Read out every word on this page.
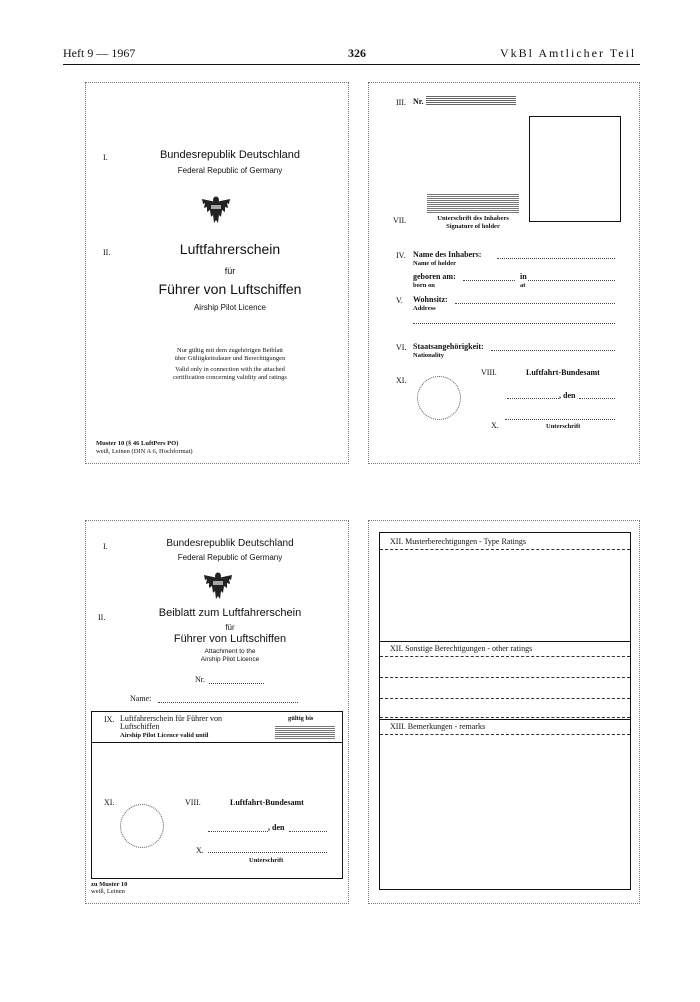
Heft 9 — 1967	326	VkBl Amtlicher Teil
I.	Bundesrepublik Deutschland
Federal Republic of Germany
II.	Luftfahrerschein
für
Führer von Luftschiffen
Airship Pilot Licence
Nur gültig mit dem zugehörigen Beiblatt
über Gültigkeitsdauer und Berechtigungen
Valid only in connection with the attached
certification concerning validity and ratings
Muster 10 (§ 46 LuftPers PO)
weiß, Leinen (DIN A 6, Hochformat)
III. Nr.
VII.	Unterschrift des Inhabers
Signature of holder
IV. Name des Inhabers:
Name of holder
geboren am:	in
born on	at
V. Wohnsitz:
Address
VI. Staatsangehörigkeit:
Nationality
XI.
VIII.	Luftfahrt-Bundesamt
, den
X.	Unterschrift
I.	Bundesrepublik Deutschland
Federal Republic of Germany
II.	Beiblatt zum Luftfahrerschein
für
Führer von Luftschiffen
Attachment to the
Airship Pilot Licence
Nr.
Name:
IX. Luftfahrerschein für Führer von
Luftschiffen
Airship Pilot Licence valid until
gültig bis
XI.	VIII.	Luftfahrt-Bundesamt
, den
X.
Unterschrift
zu Muster 10
weiß, Leinen
XII. Musterberechtigungen - Type Ratings
XII. Sonstige Berechtigungen - other ratings
XIII. Bemerkungen - remarks
